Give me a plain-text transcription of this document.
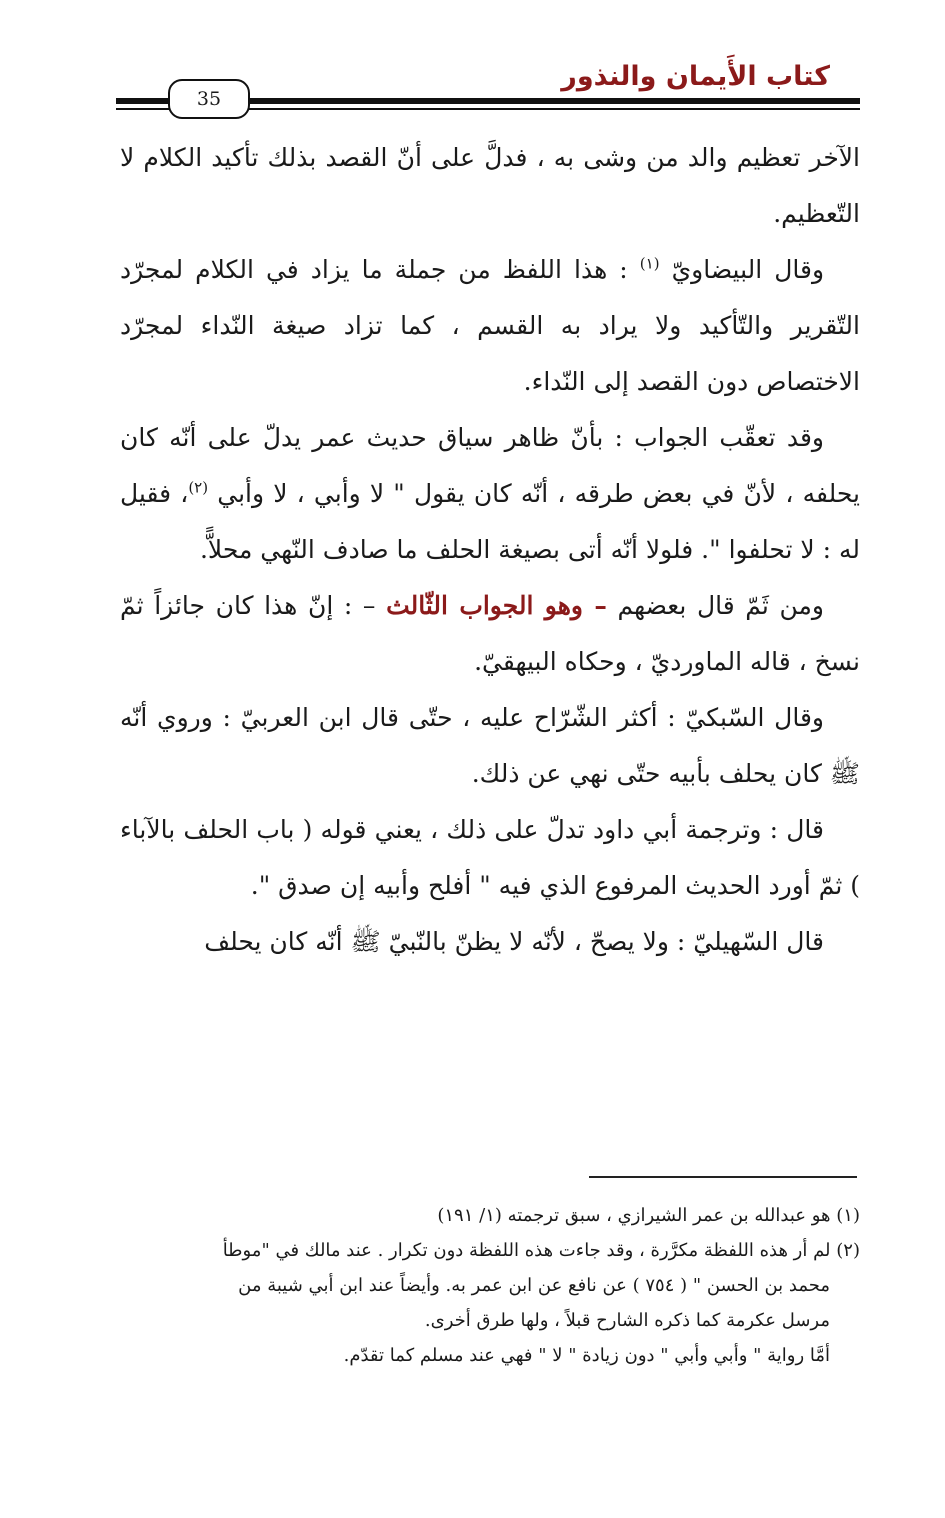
كتاب الأَيمان والنذور
35

الآخر تعظيم والد من وشى به ، فدلَّ على أنّ القصد بذلك تأكيد الكلام لا التّعظيم.

وقال البيضاويّ $^{(١)}$ : هذا اللفظ من جملة ما يزاد في الكلام لمجرّد التّقرير والتّأكيد ولا يراد به القسم ، كما تزاد صيغة النّداء لمجرّد الاختصاص دون القصد إلى النّداء.

وقد تعقّب الجواب : بأنّ ظاهر سياق حديث عمر يدلّ على أنّه كان يحلفه ، لأنّ في بعض طرقه ، أنّه كان يقول " لا وأبي ، لا وأبي $^{(٢)}$، فقيل له : لا تحلفوا ". فلولا أنّه أتى بصيغة الحلف ما صادف النّهي محلاًّ.

ومن ثَمّ قال بعضهم – وهو الجواب الثّالث – : إنّ هذا كان جائزاً ثمّ نسخ ، قاله الماورديّ ، وحكاه البيهقيّ.

وقال السّبكيّ : أكثر الشّرّاح عليه ، حتّى قال ابن العربيّ : وروي أنّه ﷺ كان يحلف بأبيه حتّى نهي عن ذلك.

قال : وترجمة أبي داود تدلّ على ذلك ، يعني قوله ( باب الحلف بالآباء ) ثمّ أورد الحديث المرفوع الذي فيه " أفلح وأبيه إن صدق ".

قال السّهيليّ : ولا يصحّ ، لأنّه لا يظنّ بالنّبيّ ﷺ أنّه كان يحلف

(١) هو عبدالله بن عمر الشيرازي ، سبق ترجمته (١/ ١٩١)

(٢) لم أر هذه اللفظة مكرَّرة ، وقد جاءت هذه اللفظة دون تكرار . عند مالك في "موطأ

محمد بن الحسن " ( ٧٥٤ ) عن نافع عن ابن عمر به. وأيضاً عند ابن أبي شيبة من

مرسل عكرمة كما ذكره الشارح قبلاً ، ولها طرق أخرى.

أمَّا رواية " وأبي وأبي " دون زيادة " لا " فهي عند مسلم كما تقدّم.
